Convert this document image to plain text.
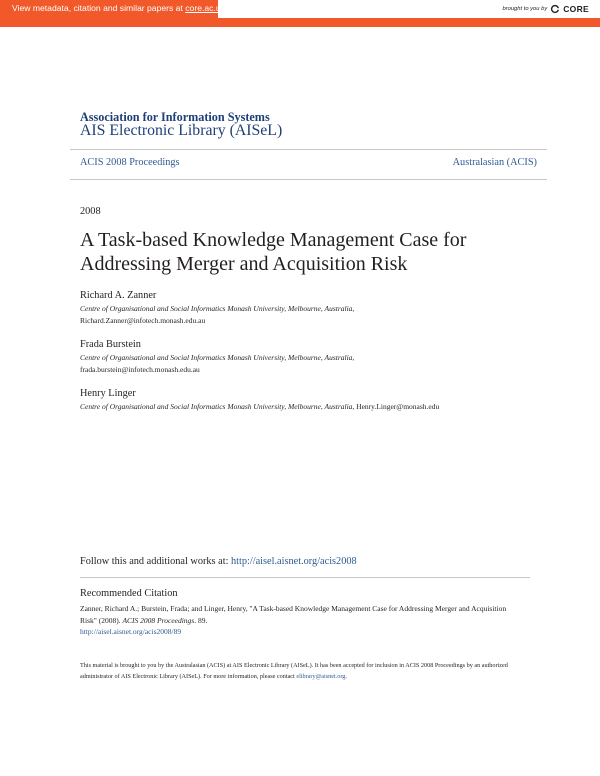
View metadata, citation and similar papers at core.ac.uk	brought to you by CORE
provided by AIS Electronic Library (AISeL)
Association for Information Systems
AIS Electronic Library (AISeL)
ACIS 2008 Proceedings	Australasian (ACIS)
2008
A Task-based Knowledge Management Case for Addressing Merger and Acquisition Risk
Richard A. Zanner
Centre of Organisational and Social Informatics Monash University, Melbourne, Australia,
Richard.Zanner@infotech.monash.edu.au
Frada Burstein
Centre of Organisational and Social Informatics Monash University, Melbourne, Australia,
frada.burstein@infotech.monash.edu.au
Henry Linger
Centre of Organisational and Social Informatics Monash University, Melbourne, Australia, Henry.Linger@monash.edu
Follow this and additional works at: http://aisel.aisnet.org/acis2008
Recommended Citation
Zanner, Richard A.; Burstein, Frada; and Linger, Henry, "A Task-based Knowledge Management Case for Addressing Merger and Acquisition Risk" (2008). ACIS 2008 Proceedings. 89.
http://aisel.aisnet.org/acis2008/89
This material is brought to you by the Australasian (ACIS) at AIS Electronic Library (AISeL). It has been accepted for inclusion in ACIS 2008 Proceedings by an authorized administrator of AIS Electronic Library (AISeL). For more information, please contact elibrary@aisnet.org.
